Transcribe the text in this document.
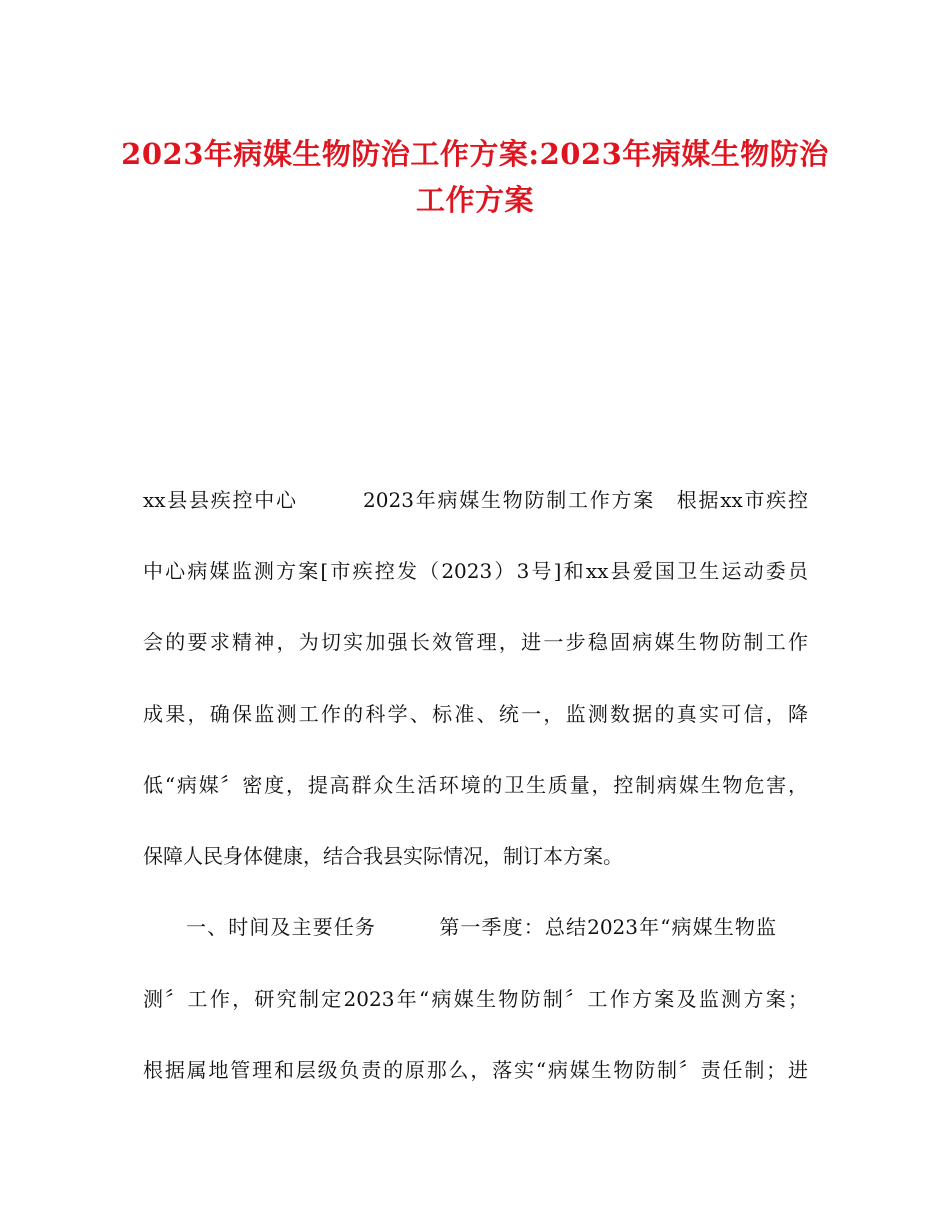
2023年病媒生物防治工作方案:2023年病媒生物防治
工作方案
xx县县疾控中心　　　2023年病媒生物防制工作方案　根据xx市疾控
中心病媒监测方案[市疾控发（2023）3号]和xx县爱国卫生运动委员
会的要求精神，为切实加强长效管理，进一步稳固病媒生物防制工作
成果，确保监测工作的科学、标准、统一，监测数据的真实可信，降
低“病媒〞密度，提高群众生活环境的卫生质量，控制病媒生物危害，
保障人民身体健康，结合我县实际情况，制订本方案。
一、时间及主要任务　　　第一季度：总结2023年“病媒生物监
测〞工作，研究制定2023年“病媒生物防制〞工作方案及监测方案；
根据属地管理和层级负责的原那么，落实“病媒生物防制〞责任制；进
